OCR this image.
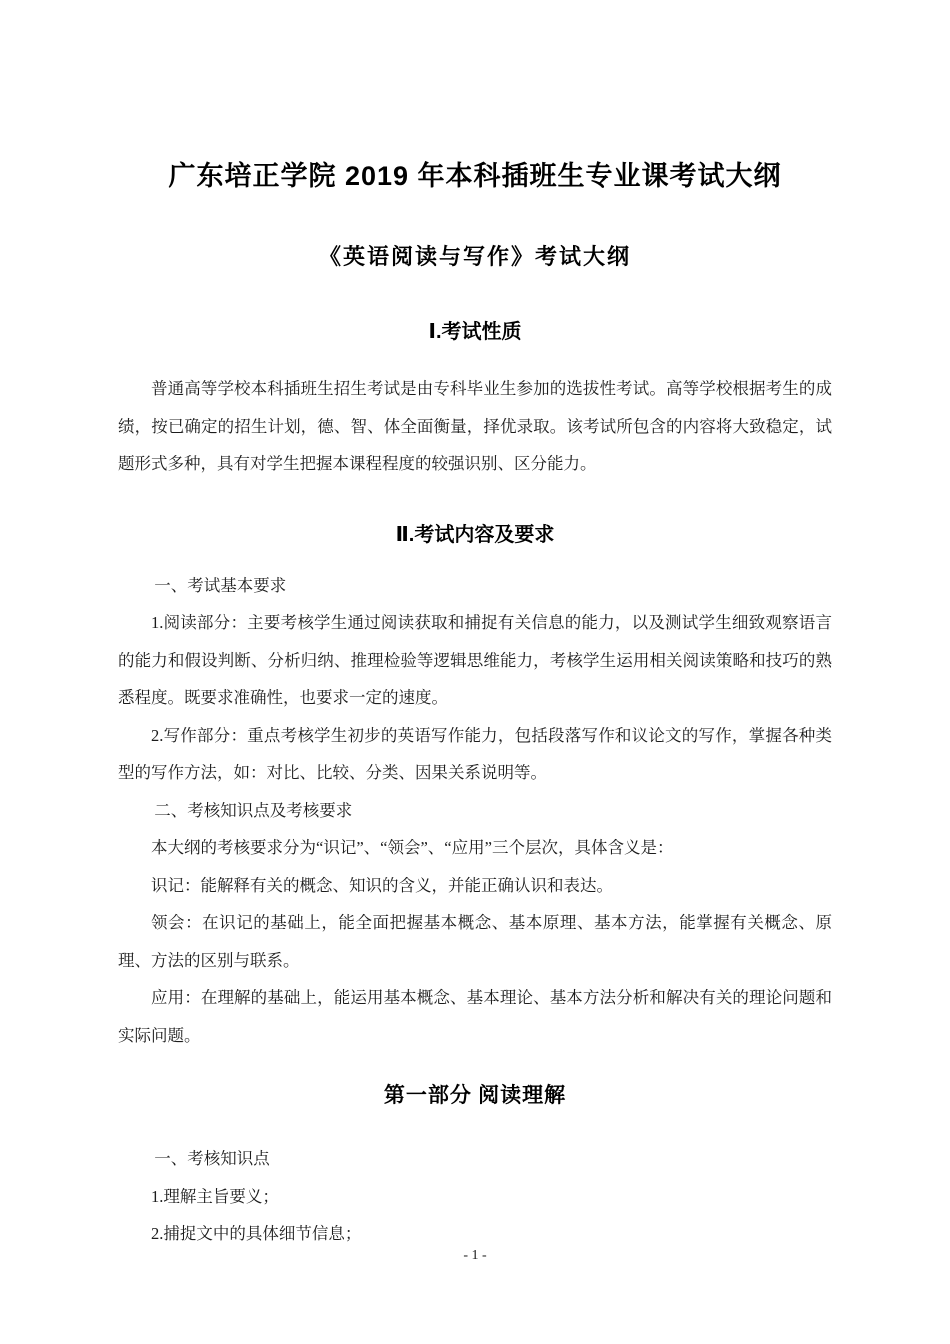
广东培正学院 2019 年本科插班生专业课考试大纲
《英语阅读与写作》考试大纲
Ⅰ.考试性质

普通高等学校本科插班生招生考试是由专科毕业生参加的选拔性考试。高等学校根据考生的成绩，按已确定的招生计划，德、智、体全面衡量，择优录取。该考试所包含的内容将大致稳定，试题形式多种，具有对学生把握本课程程度的较强识别、区分能力。

Ⅱ.考试内容及要求

一、考试基本要求

1.阅读部分：主要考核学生通过阅读获取和捕捉有关信息的能力，以及测试学生细致观察语言的能力和假设判断、分析归纳、推理检验等逻辑思维能力，考核学生运用相关阅读策略和技巧的熟悉程度。既要求准确性，也要求一定的速度。

2.写作部分：重点考核学生初步的英语写作能力，包括段落写作和议论文的写作，掌握各种类型的写作方法，如：对比、比较、分类、因果关系说明等。

二、考核知识点及考核要求

本大纲的考核要求分为“识记”、“领会”、“应用”三个层次，具体含义是：

识记：能解释有关的概念、知识的含义，并能正确认识和表达。

领会：在识记的基础上，能全面把握基本概念、基本原理、基本方法，能掌握有关概念、原理、方法的区别与联系。

应用：在理解的基础上，能运用基本概念、基本理论、基本方法分析和解决有关的理论问题和实际问题。

第一部分 阅读理解

一、考核知识点

1.理解主旨要义；

2.捕捉文中的具体细节信息；

- 1 -
